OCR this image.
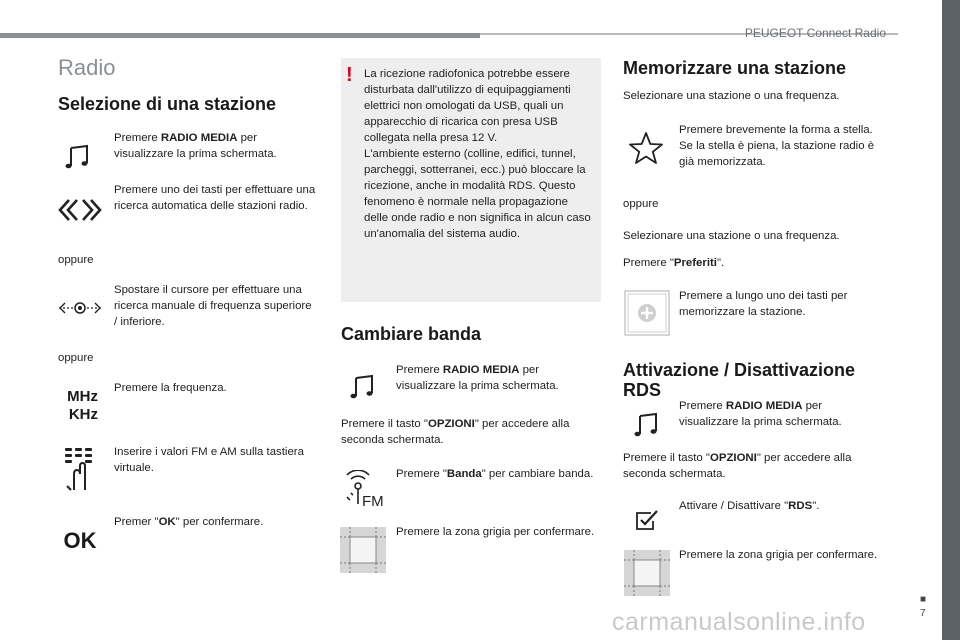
PEUGEOT Connect Radio
■
7
carmanualsonline.info
Radio
Selezione di una stazione
Premere RADIO MEDIA per visualizzare la prima schermata.
Premere uno dei tasti per effettuare una ricerca automatica delle stazioni radio.
oppure
Spostare il cursore per effettuare una ricerca manuale di frequenza superiore / inferiore.
oppure
MHz
KHz
Premere la frequenza.
Inserire i valori FM e AM sulla tastiera virtuale.
OK
Premer "OK" per confermare.
! La ricezione radiofonica potrebbe essere disturbata dall'utilizzo di equipaggiamenti elettrici non omologati da USB, quali un apparecchio di ricarica con presa USB collegata nella presa 12 V.
L'ambiente esterno (colline, edifici, tunnel, parcheggi, sotterranei, ecc.) può bloccare la ricezione, anche in modalità RDS. Questo fenomeno è normale nella propagazione delle onde radio e non significa in alcun caso un'anomalia del sistema audio.
Cambiare banda
Premere RADIO MEDIA per visualizzare la prima schermata.
Premere il tasto "OPZIONI" per accedere alla seconda schermata.
FM
Premere "Banda" per cambiare banda.
Premere la zona grigia per confermare.
Memorizzare una stazione
Selezionare una stazione o una frequenza.
Premere brevemente la forma a stella. Se la stella è piena, la stazione radio è già memorizzata.
oppure
Selezionare una stazione o una frequenza.
Premere "Preferiti".
Premere a lungo uno dei tasti per memorizzare la stazione.
Attivazione / Disattivazione
RDS
Premere RADIO MEDIA per visualizzare la prima schermata.
Premere il tasto "OPZIONI" per accedere alla seconda schermata.
Attivare / Disattivare "RDS".
Premere la zona grigia per confermare.
